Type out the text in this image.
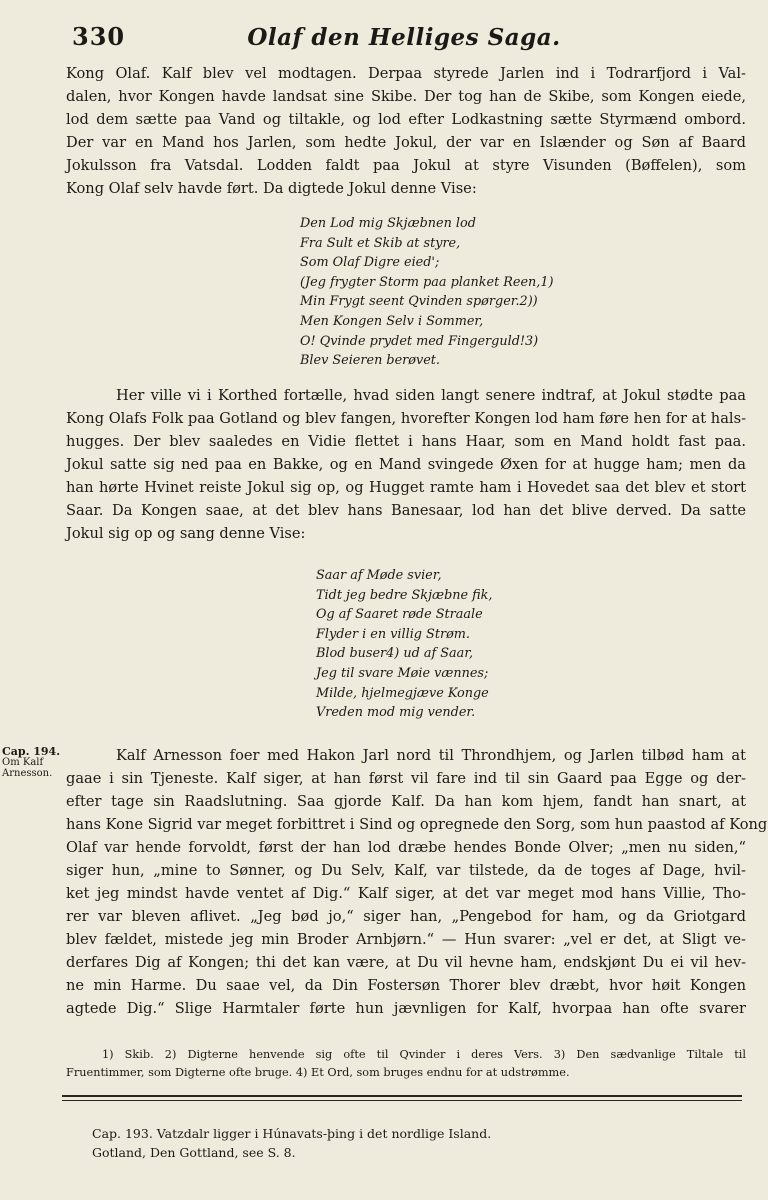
330	Olaf den Helliges Saga.
Kong Olaf. Kalf blev vel modtagen. Derpaa styrede Jarlen ind i Todrarfjord i Val-
dalen, hvor Kongen havde landsat sine Skibe. Der tog han de Skibe, som Kongen eiede,
lod dem sætte paa Vand og tiltakle, og lod efter Lodkastning sætte Styrmænd ombord.
Der var en Mand hos Jarlen, som hedte Jokul, der var en Islænder og Søn af Baard
Jokulsson fra Vatsdal. Lodden faldt paa Jokul at styre Visunden (Bøffelen), som
Kong Olaf selv havde ført. Da digtede Jokul denne Vise:
Den Lod mig Skjæbnen lod
Fra Sult et Skib at styre,
Som Olaf Digre eied';
(Jeg frygter Storm paa planket Reen,1)
Min Frygt seent Qvinden spørger.2))
Men Kongen Selv i Sommer,
O! Qvinde prydet med Fingerguld!3)
Blev Seieren berøvet.
Her ville vi i Korthed fortælle, hvad siden langt senere indtraf, at Jokul stødte paa
Kong Olafs Folk paa Gotland og blev fangen, hvorefter Kongen lod ham føre hen for at hals-
hugges. Der blev saaledes en Vidie flettet i hans Haar, som en Mand holdt fast paa.
Jokul satte sig ned paa en Bakke, og en Mand svingede Øxen for at hugge ham; men da
han hørte Hvinet reiste Jokul sig op, og Hugget ramte ham i Hovedet saa det blev et stort
Saar. Da Kongen saae, at det blev hans Banesaar, lod han det blive derved. Da satte
Jokul sig op og sang denne Vise:
Saar af Møde svier,
Tidt jeg bedre Skjæbne fik,
Og af Saaret røde Straale
Flyder i en villig Strøm.
Blod buser4) ud af Saar,
Jeg til svare Møie vænnes;
Milde, hjelmegjæve Konge
Vreden mod mig vender.
Cap. 194.
Om Kalf
Arnesson.
Kalf Arnesson foer med Hakon Jarl nord til Throndhjem, og Jarlen tilbød ham at
gaae i sin Tjeneste. Kalf siger, at han først vil fare ind til sin Gaard paa Egge og der-
efter tage sin Raadslutning. Saa gjorde Kalf. Da han kom hjem, fandt han snart, at
hans Kone Sigrid var meget forbittret i Sind og opregnede den Sorg, som hun paastod af Kong
Olaf var hende forvoldt, først der han lod dræbe hendes Bonde Olver; „men nu siden,“
siger hun, „mine to Sønner, og Du Selv, Kalf, var tilstede, da de toges af Dage, hvil-
ket jeg mindst havde ventet af Dig.“ Kalf siger, at det var meget mod hans Villie, Tho-
rer var bleven aflivet. „Jeg bød jo,“ siger han, „Pengebod for ham, og da Griotgard
blev fældet, mistede jeg min Broder Arnbjørn.“ — Hun svarer: „vel er det, at Sligt ve-
derfares Dig af Kongen; thi det kan være, at Du vil hevne ham, endskjønt Du ei vil hev-
ne min Harme. Du saae vel, da Din Fostersøn Thorer blev dræbt, hvor høit Kongen
agtede Dig.“ Slige Harmtaler førte hun jævnligen for Kalf, hvorpaa han ofte svarer
1) Skib. 2) Digterne henvende sig ofte til Qvinder i deres Vers. 3) Den sædvanlige Tiltale til
Fruentimmer, som Digterne ofte bruge. 4) Et Ord, som bruges endnu for at udstrømme.
Cap. 193. Vatzdalr ligger i Húnavats-þing i det nordlige Island.
Gotland, Den Gottland, see S. 8.
